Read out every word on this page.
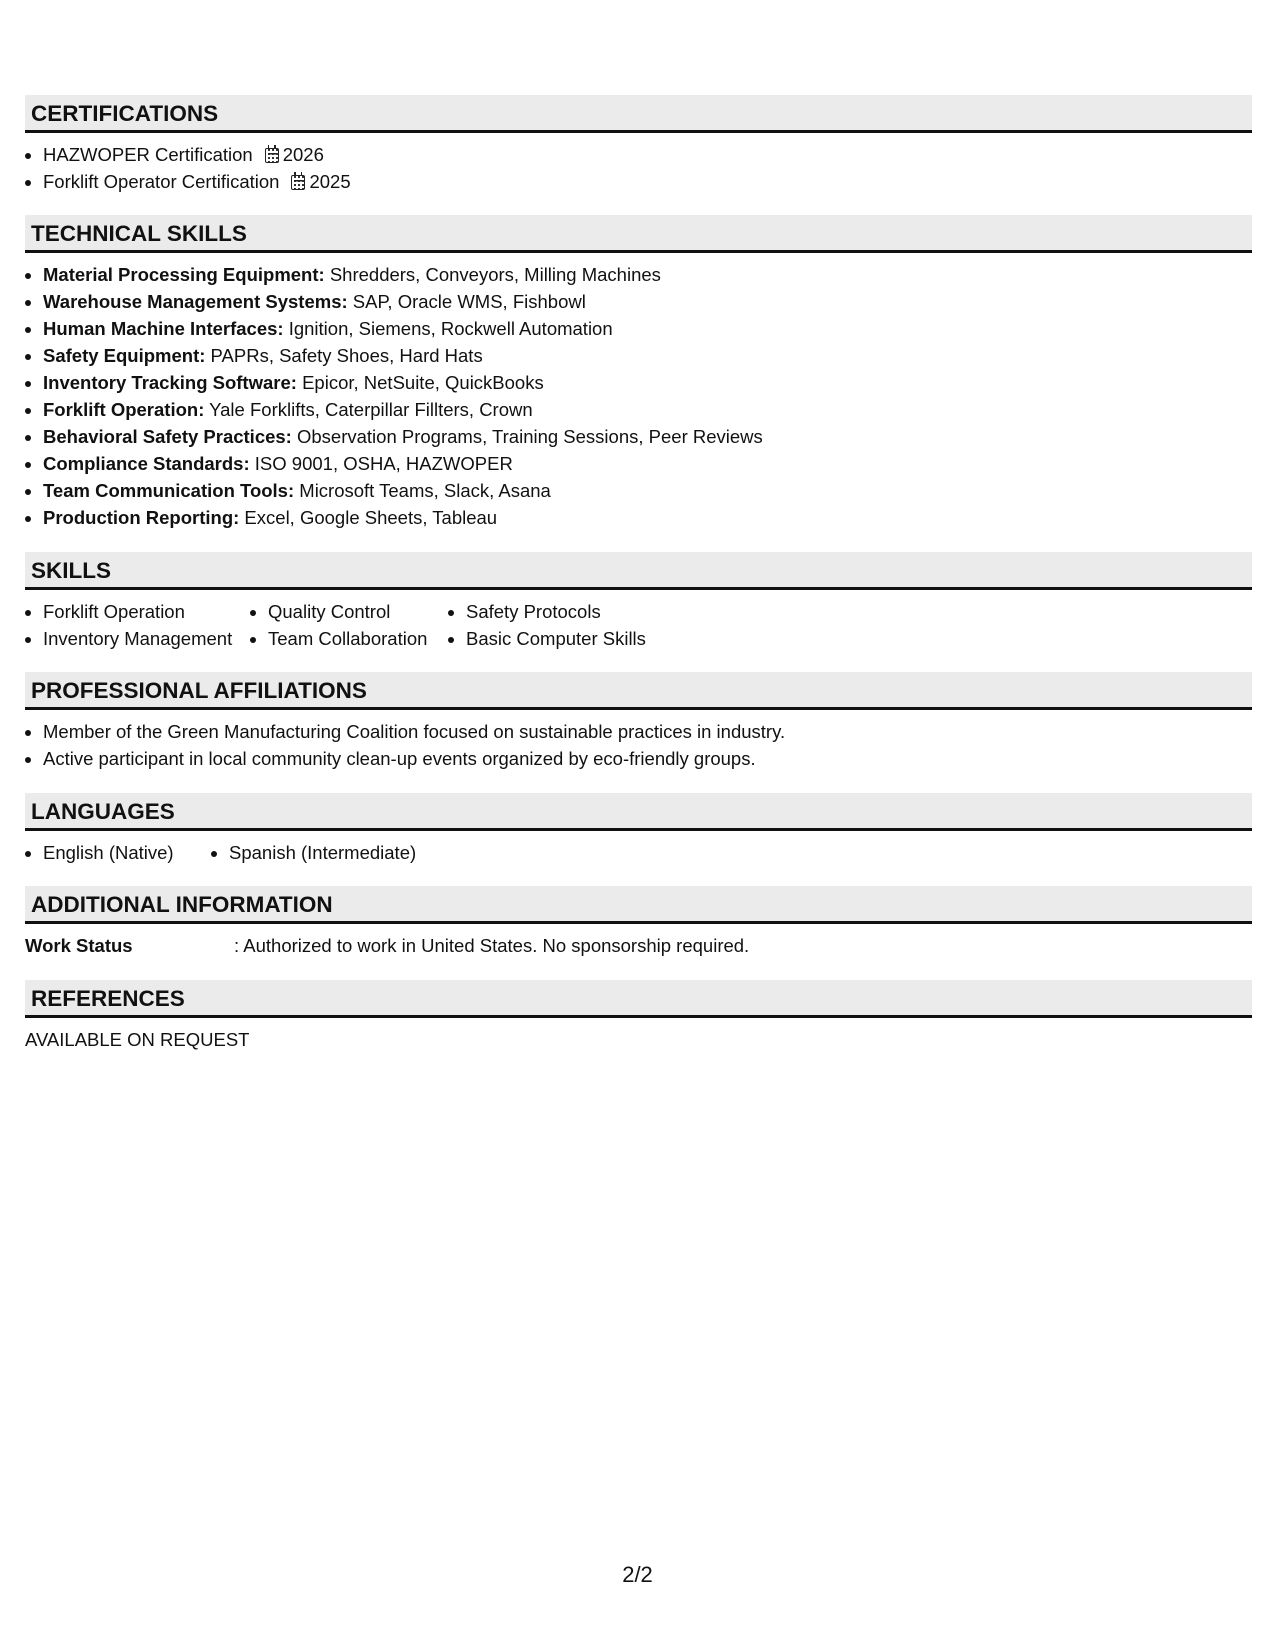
CERTIFICATIONS
• HAZWOPER Certification 2026
• Forklift Operator Certification 2025
TECHNICAL SKILLS
• Material Processing Equipment: Shredders, Conveyors, Milling Machines
• Warehouse Management Systems: SAP, Oracle WMS, Fishbowl
• Human Machine Interfaces: Ignition, Siemens, Rockwell Automation
• Safety Equipment: PAPRs, Safety Shoes, Hard Hats
• Inventory Tracking Software: Epicor, NetSuite, QuickBooks
• Forklift Operation: Yale Forklifts, Caterpillar Fillters, Crown
• Behavioral Safety Practices: Observation Programs, Training Sessions, Peer Reviews
• Compliance Standards: ISO 9001, OSHA, HAZWOPER
• Team Communication Tools: Microsoft Teams, Slack, Asana
• Production Reporting: Excel, Google Sheets, Tableau
SKILLS
• Forklift Operation
• Inventory Management
• Quality Control
• Team Collaboration
• Safety Protocols
• Basic Computer Skills
PROFESSIONAL AFFILIATIONS
• Member of the Green Manufacturing Coalition focused on sustainable practices in industry.
• Active participant in local community clean-up events organized by eco-friendly groups.
LANGUAGES
• English (Native)
•	Spanish (Intermediate)
ADDITIONAL INFORMATION
Work Status	: Authorized to work in United States. No sponsorship required.
REFERENCES
AVAILABLE ON REQUEST
2/2
